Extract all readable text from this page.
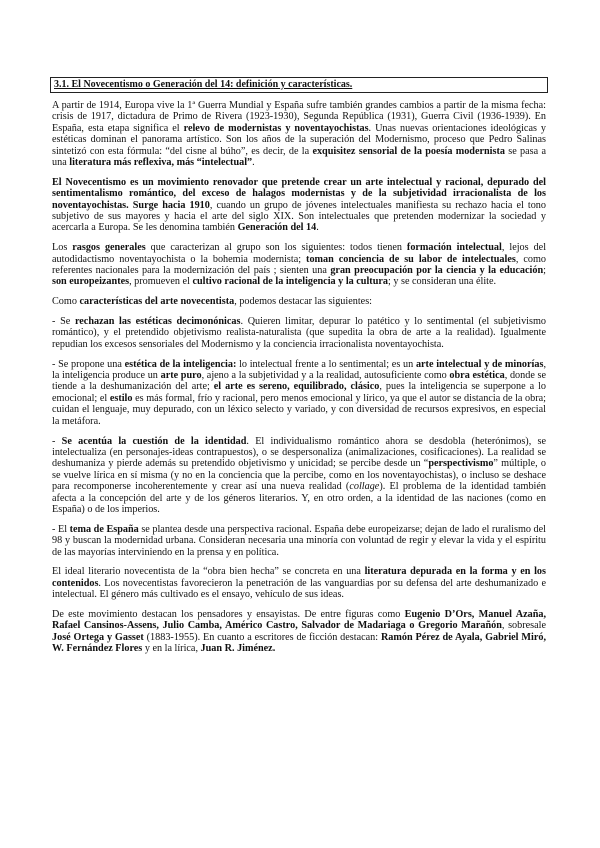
3.1. El Novecentismo o Generación del 14: definición y características.

A partir de 1914, Europa vive la 1ª Guerra Mundial y España sufre también grandes cambios a partir de la misma fecha: crisis de 1917, dictadura de Primo de Rivera (1923-1930), Segunda República (1931), Guerra Civil (1936-1939). En España, esta etapa significa el relevo de modernistas y noventayochistas. Unas nuevas orientaciones ideológicas y estéticas dominan el panorama artístico. Son los años de la superación del Modernismo, proceso que Pedro Salinas sintetizó con esta fórmula: “del cisne al búho”, es decir, de la exquisitez sensorial de la poesía modernista se pasa a una literatura más reflexiva, más “intelectual”.

El Novecentismo es un movimiento renovador que pretende crear un arte intelectual y racional, depurado del sentimentalismo romántico, del exceso de halagos modernistas y de la subjetividad irracionalista de los noventayochistas. Surge hacia 1910, cuando un grupo de jóvenes intelectuales manifiesta su rechazo hacia el tono subjetivo de sus mayores y hacia el arte del siglo XIX. Son intelectuales que pretenden modernizar la sociedad y acercarla a Europa. Se les denomina también Generación del 14.

Los rasgos generales que caracterizan al grupo son los siguientes: todos tienen formación intelectual, lejos del autodidactismo noventayochista o la bohemia modernista; toman conciencia de su labor de intelectuales, como referentes nacionales para la modernización del país ; sienten una gran preocupación por la ciencia y la educación; son europeizantes, promueven el cultivo racional de la inteligencia y la cultura; y se consideran una élite.

Como características del arte novecentista, podemos destacar las siguientes:

- Se rechazan las estéticas decimonónicas. Quieren limitar, depurar lo patético y lo sentimental (el subjetivismo romántico), y el pretendido objetivismo realista-naturalista (que supedita la obra de arte a la realidad). Igualmente repudian los excesos sensoriales del Modernismo y la conciencia irracionalista noventayochista.

- Se propone una estética de la inteligencia: lo intelectual frente a lo sentimental; es un arte intelectual y de minorías, la inteligencia produce un arte puro, ajeno a la subjetividad y a la realidad, autosuficiente como obra estética, donde se tiende a la deshumanización del arte; el arte es sereno, equilibrado, clásico, pues la inteligencia se superpone a lo emocional; el estilo es más formal, frío y racional, pero menos emocional y lírico, ya que el autor se distancia de la obra; cuidan el lenguaje, muy depurado, con un léxico selecto y variado, y con diversidad de recursos expresivos, en especial la metáfora.

- Se acentúa la cuestión de la identidad. El individualismo romántico ahora se desdobla (heterónimos), se intelectualiza (en personajes-ideas contrapuestos), o se despersonaliza (animalizaciones, cosificaciones). La realidad se deshumaniza y pierde además su pretendido objetivismo y unicidad; se percibe desde un “perspectivismo” múltiple, o se vuelve lírica en sí misma (y no en la conciencia que la percibe, como en los noventayochistas), o incluso se deshace para recomponerse incoherentemente y crear así una nueva realidad (collage). El problema de la identidad también afecta a la concepción del arte y de los géneros literarios. Y, en otro orden, a la identidad de las naciones (como en España) o de los imperios.

- El tema de España se plantea desde una perspectiva racional. España debe europeizarse; dejan de lado el ruralismo del 98 y buscan la modernidad urbana. Consideran necesaria una minoría con voluntad de regir y elevar la vida y el espíritu de las mayorías interviniendo en la prensa y en política.

El ideal literario novecentista de la “obra bien hecha” se concreta en una literatura depurada en la forma y en los contenidos. Los novecentistas favorecieron la penetración de las vanguardias por su defensa del arte deshumanizado e intelectual. El género más cultivado es el ensayo, vehículo de sus ideas.

De este movimiento destacan los pensadores y ensayistas. De entre figuras como Eugenio D’Ors, Manuel Azaña, Rafael Cansinos-Assens, Julio Camba, Américo Castro, Salvador de Madariaga o Gregorio Marañón, sobresale José Ortega y Gasset (1883-1955). En cuanto a escritores de ficción destacan: Ramón Pérez de Ayala, Gabriel Miró, W. Fernández Flores y en la lírica, Juan R. Jiménez.
